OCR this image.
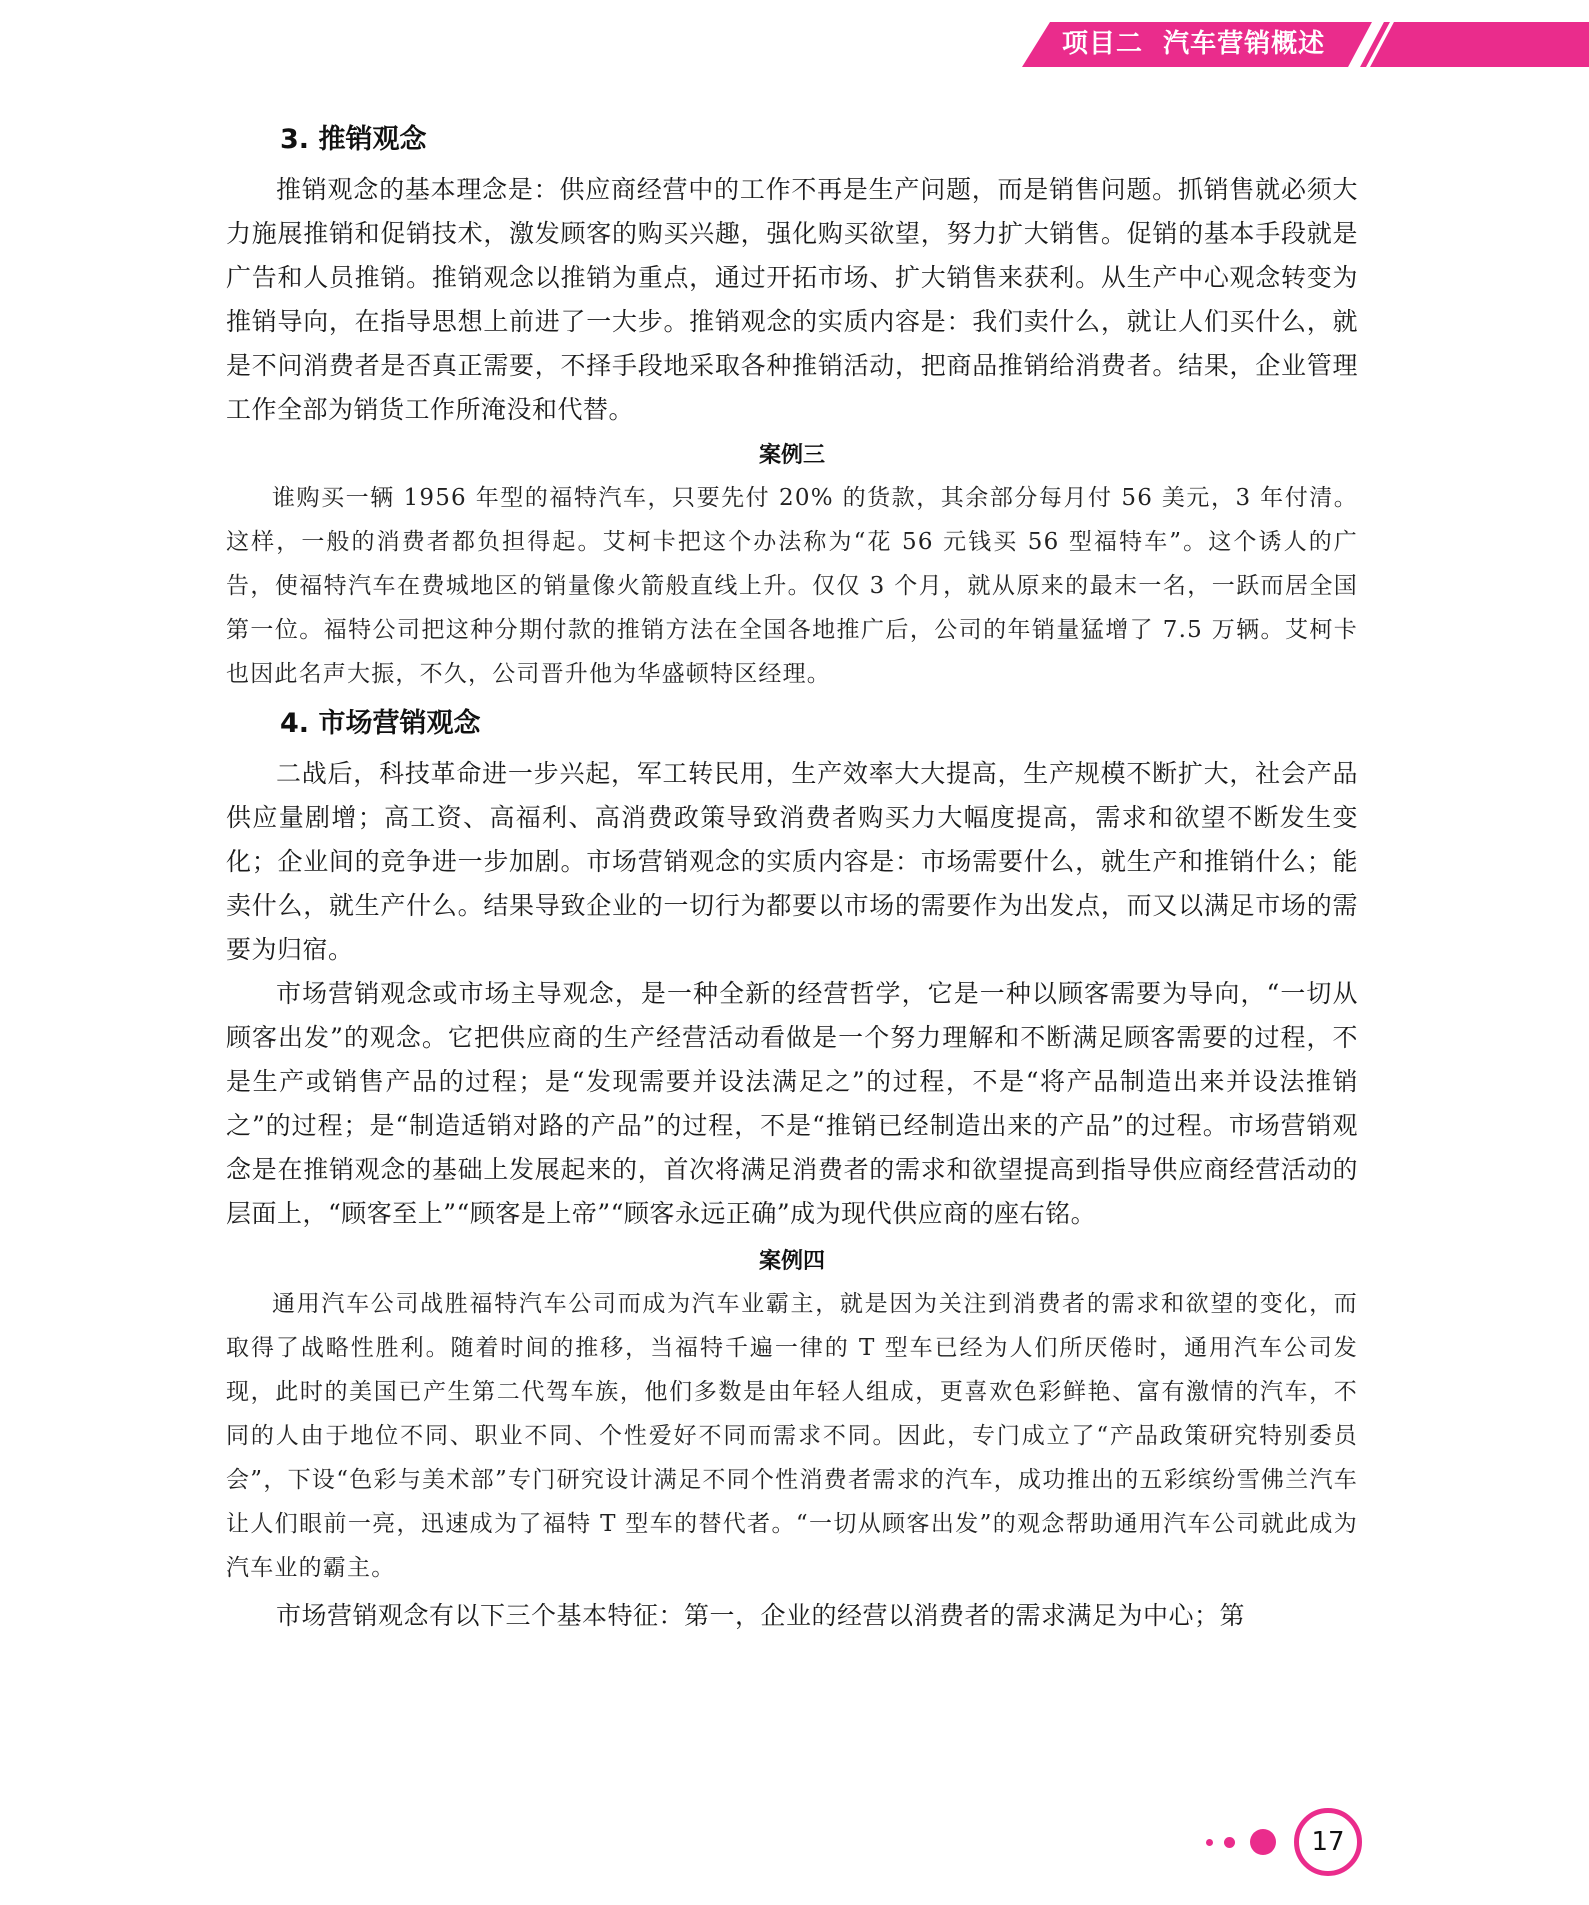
项目二  汽车营销概述
3. 推销观念

推销观念的基本理念是：供应商经营中的工作不再是生产问题，而是销售问题。抓销售就必须大力施展推销和促销技术，激发顾客的购买兴趣，强化购买欲望，努力扩大销售。促销的基本手段就是广告和人员推销。推销观念以推销为重点，通过开拓市场、扩大销售来获利。从生产中心观念转变为推销导向，在指导思想上前进了一大步。推销观念的实质内容是：我们卖什么，就让人们买什么，就是不问消费者是否真正需要，不择手段地采取各种推销活动，把商品推销给消费者。结果，企业管理工作全部为销货工作所淹没和代替。

案例三

谁购买一辆 1956 年型的福特汽车，只要先付 20% 的货款，其余部分每月付 56 美元，3 年付清。这样，一般的消费者都负担得起。艾柯卡把这个办法称为“花 56 元钱买 56 型福特车”。这个诱人的广告，使福特汽车在费城地区的销量像火箭般直线上升。仅仅 3 个月，就从原来的最末一名，一跃而居全国第一位。福特公司把这种分期付款的推销方法在全国各地推广后，公司的年销量猛增了 7.5 万辆。艾柯卡也因此名声大振，不久，公司晋升他为华盛顿特区经理。

4. 市场营销观念

二战后，科技革命进一步兴起，军工转民用，生产效率大大提高，生产规模不断扩大，社会产品供应量剧增；高工资、高福利、高消费政策导致消费者购买力大幅度提高，需求和欲望不断发生变化；企业间的竞争进一步加剧。市场营销观念的实质内容是：市场需要什么，就生产和推销什么；能卖什么，就生产什么。结果导致企业的一切行为都要以市场的需要作为出发点，而又以满足市场的需要为归宿。

市场营销观念或市场主导观念，是一种全新的经营哲学，它是一种以顾客需要为导向，“一切从顾客出发”的观念。它把供应商的生产经营活动看做是一个努力理解和不断满足顾客需要的过程，不是生产或销售产品的过程；是“发现需要并设法满足之”的过程，不是“将产品制造出来并设法推销之”的过程；是“制造适销对路的产品”的过程，不是“推销已经制造出来的产品”的过程。市场营销观念是在推销观念的基础上发展起来的，首次将满足消费者的需求和欲望提高到指导供应商经营活动的层面上，“顾客至上”“顾客是上帝”“顾客永远正确”成为现代供应商的座右铭。

案例四

通用汽车公司战胜福特汽车公司而成为汽车业霸主，就是因为关注到消费者的需求和欲望的变化，而取得了战略性胜利。随着时间的推移，当福特千遍一律的 T 型车已经为人们所厌倦时，通用汽车公司发现，此时的美国已产生第二代驾车族，他们多数是由年轻人组成，更喜欢色彩鲜艳、富有激情的汽车，不同的人由于地位不同、职业不同、个性爱好不同而需求不同。因此，专门成立了“产品政策研究特别委员会”，下设“色彩与美术部”专门研究设计满足不同个性消费者需求的汽车，成功推出的五彩缤纷雪佛兰汽车让人们眼前一亮，迅速成为了福特 T 型车的替代者。“一切从顾客出发”的观念帮助通用汽车公司就此成为汽车业的霸主。

市场营销观念有以下三个基本特征：第一，企业的经营以消费者的需求满足为中心；第

17
